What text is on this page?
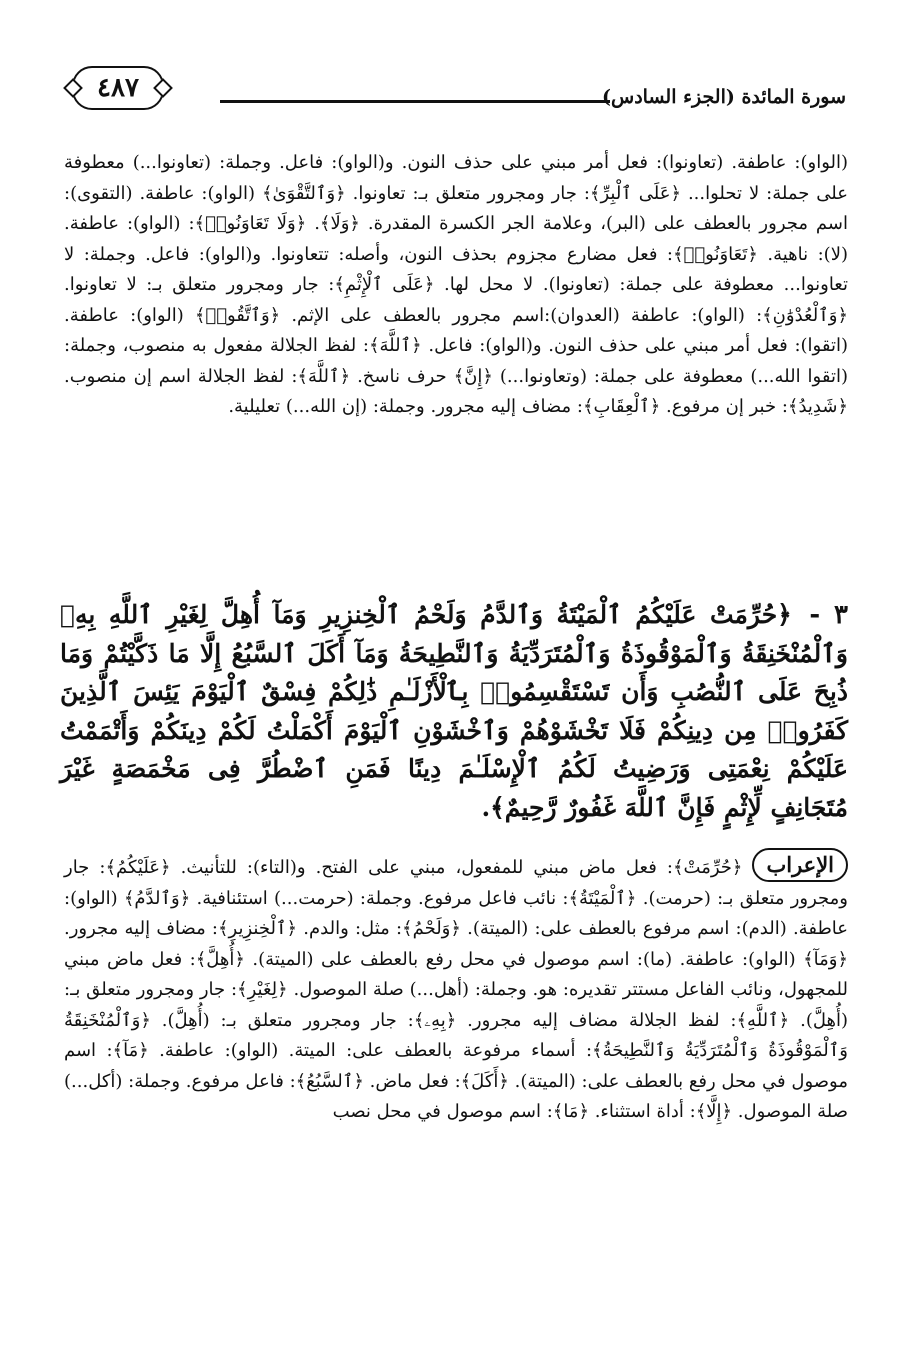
٤٨٧	سورة المائدة (الجزء السادس)

(الواو): عاطفة. (تعاونوا): فعل أمر مبني على حذف النون. و(الواو): فاعل. وجملة: (تعاونوا...) معطوفة على جملة: لا تحلوا... ﴿عَلَى ٱلْبِرِّ﴾: جار ومجرور متعلق بـ: تعاونوا. ﴿وَٱلتَّقْوَىٰ﴾ (الواو): عاطفة. (التقوى): اسم مجرور بالعطف على (البر)، وعلامة الجر الكسرة المقدرة. ﴿وَلَا﴾. ﴿وَلَا تَعَاوَنُوا۟﴾: (الواو): عاطفة. (لا): ناهية. ﴿تَعَاوَنُوا۟﴾: فعل مضارع مجزوم بحذف النون، وأصله: تتعاونوا. و(الواو): فاعل. وجملة: لا تعاونوا... معطوفة على جملة: (تعاونوا). لا محل لها. ﴿عَلَى ٱلْإِثْمِ﴾: جار ومجرور متعلق بـ: لا تعاونوا. ﴿وَٱلْعُدْوَٰنِ﴾: (الواو): عاطفة (العدوان):اسم مجرور بالعطف على الإثم. ﴿وَٱتَّقُوا۟﴾ (الواو): عاطفة. (اتقوا): فعل أمر مبني على حذف النون. و(الواو): فاعل. ﴿ٱللَّهَ﴾: لفظ الجلالة مفعول به منصوب، وجملة: (اتقوا الله...) معطوفة على جملة: (وتعاونوا...) ﴿إِنَّ﴾ حرف ناسخ. ﴿ٱللَّهَ﴾: لفظ الجلالة اسم إن منصوب. ﴿شَدِيدُ﴾: خبر إن مرفوع. ﴿ٱلْعِقَابِ﴾: مضاف إليه مجرور. وجملة: (إن الله...) تعليلية.

٣ - ﴿حُرِّمَتْ عَلَيْكُمُ ٱلْمَيْتَةُ وَٱلدَّمُ وَلَحْمُ ٱلْخِنزِيرِ وَمَآ أُهِلَّ لِغَيْرِ ٱللَّهِ بِهِۦ وَٱلْمُنْخَنِقَةُ وَٱلْمَوْقُوذَةُ وَٱلْمُتَرَدِّيَةُ وَٱلنَّطِيحَةُ وَمَآ أَكَلَ ٱلسَّبُعُ إِلَّا مَا ذَكَّيْتُمْ وَمَا ذُبِحَ عَلَى ٱلنُّصُبِ وَأَن تَسْتَقْسِمُوا۟ بِٱلْأَزْلَـٰمِ ذَٰلِكُمْ فِسْقٌ ٱلْيَوْمَ يَئِسَ ٱلَّذِينَ كَفَرُوا۟ مِن دِينِكُمْ فَلَا تَخْشَوْهُمْ وَٱخْشَوْنِ ٱلْيَوْمَ أَكْمَلْتُ لَكُمْ دِينَكُمْ وَأَتْمَمْتُ عَلَيْكُمْ نِعْمَتِى وَرَضِيتُ لَكُمُ ٱلْإِسْلَـٰمَ دِينًا فَمَنِ ٱضْطُرَّ فِى مَخْمَصَةٍ غَيْرَ مُتَجَانِفٍ لِّإِثْمٍ فَإِنَّ ٱللَّهَ غَفُورٌ رَّحِيمٌ﴾.

الإعراب﴿حُرِّمَتْ﴾: فعل ماض مبني للمفعول، مبني على الفتح. و(التاء): للتأنيث. ﴿عَلَيْكُمُ﴾: جار ومجرور متعلق بـ: (حرمت). ﴿ٱلْمَيْتَةُ﴾: نائب فاعل مرفوع. وجملة: (حرمت...) استئنافية. ﴿وَٱلدَّمُ﴾ (الواو): عاطفة. (الدم): اسم مرفوع بالعطف على: (الميتة). ﴿وَلَحْمُ﴾: مثل: والدم. ﴿ٱلْخِنزِيرِ﴾: مضاف إليه مجرور. ﴿وَمَآ﴾ (الواو): عاطفة. (ما): اسم موصول في محل رفع بالعطف على (الميتة). ﴿أُهِلَّ﴾: فعل ماض مبني للمجهول، ونائب الفاعل مستتر تقديره: هو. وجملة: (أهل...) صلة الموصول. ﴿لِغَيْرِ﴾: جار ومجرور متعلق بـ: (أُهِلَّ). ﴿ٱللَّهِ﴾: لفظ الجلالة مضاف إليه مجرور. ﴿بِهِۦ﴾: جار ومجرور متعلق بـ: (أُهِلَّ). ﴿وَٱلْمُنْخَنِقَةُ وَٱلْمَوْقُوذَةُ وَٱلْمُتَرَدِّيَةُ وَٱلنَّطِيحَةُ﴾: أسماء مرفوعة بالعطف على: الميتة. (الواو): عاطفة. ﴿مَآ﴾: اسم موصول في محل رفع بالعطف على: (الميتة). ﴿أَكَلَ﴾: فعل ماض. ﴿ٱلسَّبُعُ﴾: فاعل مرفوع. وجملة: (أكل...) صلة الموصول. ﴿إِلَّا﴾: أداة استثناء. ﴿مَا﴾: اسم موصول في محل نصب
